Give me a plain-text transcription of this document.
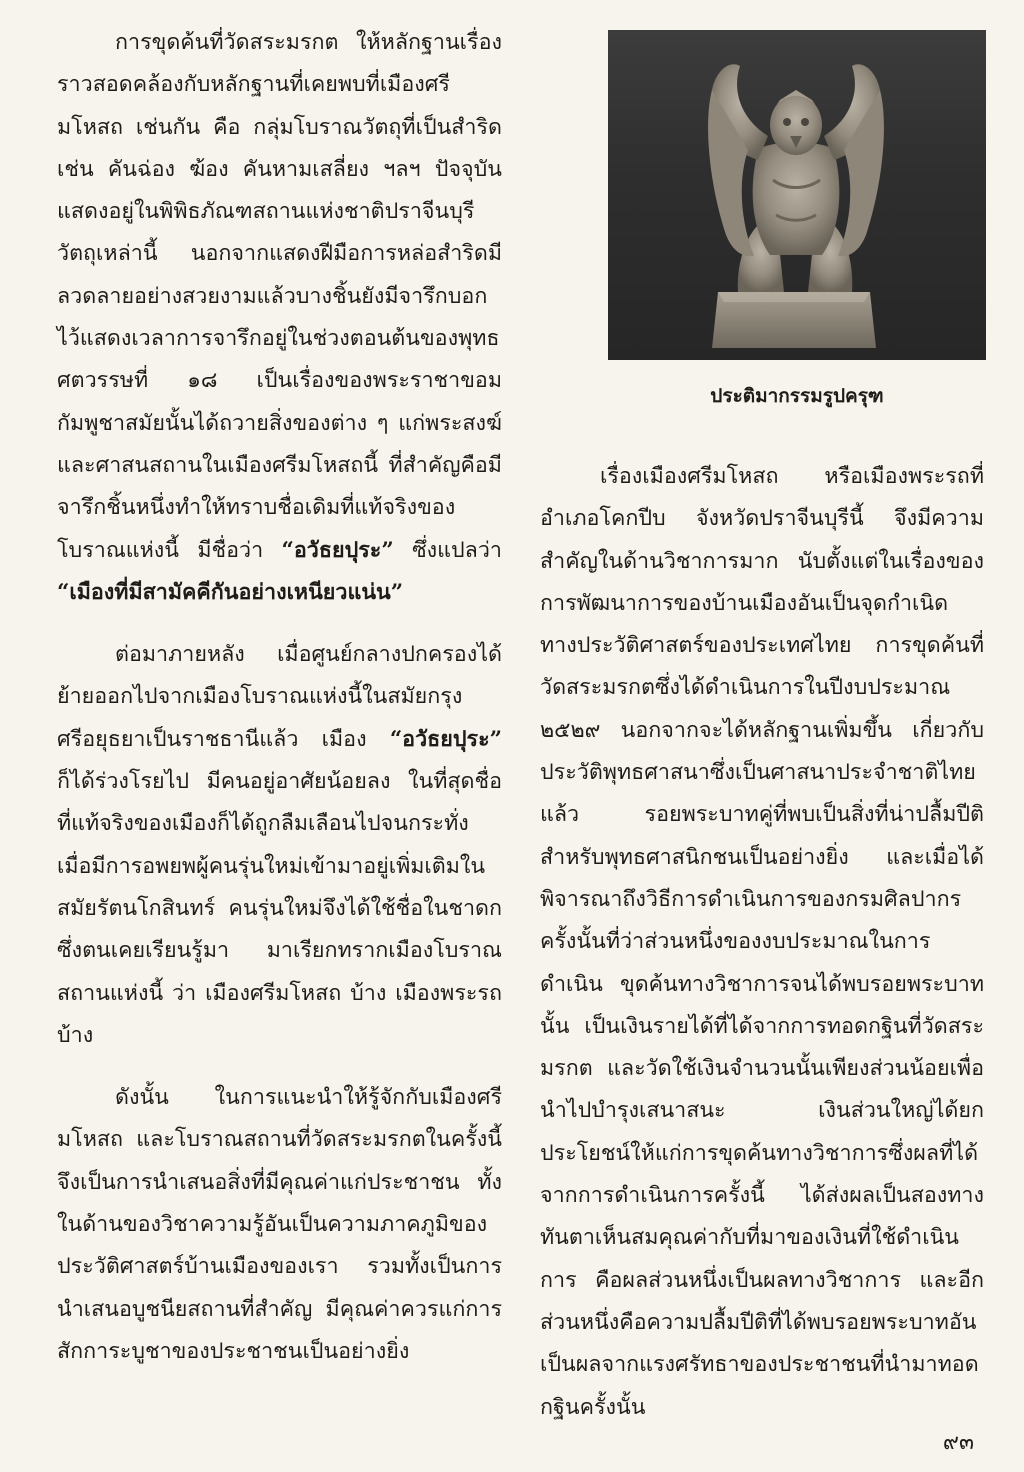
การขุดค้นที่วัดสระมรกต ให้หลักฐานเรื่องราวสอดคล้องกับหลักฐานที่เคยพบที่เมืองศรีมโหสถ เช่นกัน คือ กลุ่มโบราณวัตถุที่เป็นสำริด เช่น คันฉ่อง ฆ้อง คันหามเสลี่ยง ฯลฯ ปัจจุบันแสดงอยู่ในพิพิธภัณฑสถานแห่งชาติปราจีนบุรี วัตถุเหล่านี้ นอกจากแสดงฝีมือการหล่อสำริดมีลวดลายอย่างสวยงามแล้วบางชิ้นยังมีจารึกบอกไว้แสดงเวลาการจารึกอยู่ในช่วงตอนต้นของพุทธศตวรรษที่ ๑๘ เป็นเรื่องของพระราชาขอมกัมพูชาสมัยนั้นได้ถวายสิ่งของต่าง ๆ แก่พระสงฆ์และศาสนสถานในเมืองศรีมโหสถนี้ ที่สำคัญคือมีจารึกชิ้นหนึ่งทำให้ทราบชื่อเดิมที่แท้จริงของโบราณแห่งนี้ มีชื่อว่า “อวัธยปุระ” ซึ่งแปลว่า “เมืองที่มีสามัคคีกันอย่างเหนียวแน่น”

ต่อมาภายหลัง เมื่อศูนย์กลางปกครองได้ย้ายออกไปจากเมืองโบราณแห่งนี้ในสมัยกรุงศรีอยุธยาเป็นราชธานีแล้ว เมือง “อวัธยปุระ” ก็ได้ร่วงโรยไป มีคนอยู่อาศัยน้อยลง ในที่สุดชื่อที่แท้จริงของเมืองก็ได้ถูกลืมเลือนไปจนกระทั่ง เมื่อมีการอพยพผู้คนรุ่นใหม่เข้ามาอยู่เพิ่มเติมในสมัยรัตนโกสินทร์ คนรุ่นใหม่จึงได้ใช้ชื่อในชาดกซึ่งตนเคยเรียนรู้มา มาเรียกทรากเมืองโบราณสถานแห่งนี้ ว่า เมืองศรีมโหสถ บ้าง เมืองพระรถบ้าง

ดังนั้น ในการแนะนำให้รู้จักกับเมืองศรีมโหสถ และโบราณสถานที่วัดสระมรกตในครั้งนี้จึงเป็นการนำเสนอสิ่งที่มีคุณค่าแก่ประชาชน ทั้งในด้านของวิชาความรู้อันเป็นความภาคภูมิของประวัติศาสตร์บ้านเมืองของเรา รวมทั้งเป็นการนำเสนอบูชนียสถานที่สำคัญ มีคุณค่าควรแก่การสักการะบูชาของประชาชนเป็นอย่างยิ่ง

ประติมากรรมรูปครุฑ

เรื่องเมืองศรีมโหสถ หรือเมืองพระรถที่อำเภอโคกปีบ จังหวัดปราจีนบุรีนี้ จึงมีความสำคัญในด้านวิชาการมาก นับตั้งแต่ในเรื่องของการพัฒนาการของบ้านเมืองอันเป็นจุดกำเนิดทางประวัติศาสตร์ของประเทศไทย การขุดค้นที่วัดสระมรกตซึ่งได้ดำเนินการในปีงบประมาณ ๒๕๒๙ นอกจากจะได้หลักฐานเพิ่มขึ้น เกี่ยวกับประวัติพุทธศาสนาซึ่งเป็นศาสนาประจำชาติไทยแล้ว รอยพระบาทคู่ที่พบเป็นสิ่งที่น่าปลื้มปีติ สำหรับพุทธศาสนิกชนเป็นอย่างยิ่ง และเมื่อได้พิจารณาถึงวิธีการดำเนินการของกรมศิลปากรครั้งนั้นที่ว่าส่วนหนึ่งของงบประมาณในการดำเนิน ขุดค้นทางวิชาการจนได้พบรอยพระบาทนั้น เป็นเงินรายได้ที่ได้จากการทอดกฐินที่วัดสระมรกต และวัดใช้เงินจำนวนนั้นเพียงส่วนน้อยเพื่อนำไปบำรุงเสนาสนะ เงินส่วนใหญ่ได้ยกประโยชน์ให้แก่การขุดค้นทางวิชาการซึ่งผลที่ได้จากการดำเนินการครั้งนี้ ได้ส่งผลเป็นสองทางทันตาเห็นสมคุณค่ากับที่มาของเงินที่ใช้ดำเนินการ คือผลส่วนหนึ่งเป็นผลทางวิชาการ และอีกส่วนหนึ่งคือความปลื้มปีติที่ได้พบรอยพระบาทอันเป็นผลจากแรงศรัทธาของประชาชนที่นำมาทอดกฐินครั้งนั้น

๙๓
